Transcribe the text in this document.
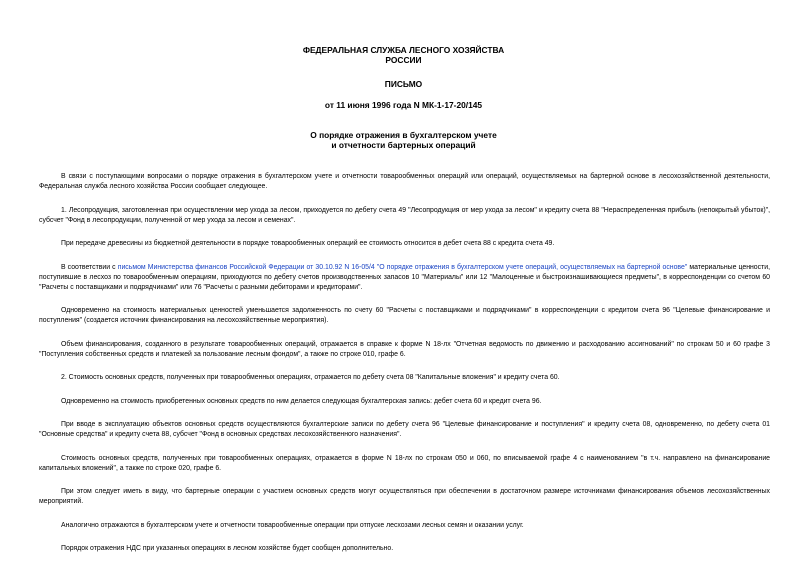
ФЕДЕРАЛЬНАЯ СЛУЖБА ЛЕСНОГО ХОЗЯЙСТВА
РОССИИ
ПИСЬМО
от 11 июня 1996 года N МК-1-17-20/145
О порядке отражения в бухгалтерском учете
и отчетности бартерных операций

В связи с поступающими вопросами о порядке отражения в бухгалтерском учете и отчетности товарообменных операций или операций, осуществляемых на бартерной основе в лесохозяйственной деятельности, Федеральная служба лесного хозяйства России сообщает следующее.

1. Лесопродукция, заготовленная при осуществлении мер ухода за лесом, приходуется по дебету счета 49 "Лесопродукция от мер ухода за лесом" и кредиту счета 88 "Нераспределенная прибыль (непокрытый убыток)", субсчет "Фонд в лесопродукции, полученной от мер ухода за лесом и семенах".

При передаче древесины из бюджетной деятельности в порядке товарообменных операций ее стоимость относится в дебет счета 88 с кредита счета 49.

В соответствии с письмом Министерства финансов Российской Федерации от 30.10.92 N 16-05/4 "О порядке отражения в бухгалтерском учете операций, осуществляемых на бартерной основе" материальные ценности, поступившие в лесхоз по товарообменным операциям, приходуются по дебету счетов производственных запасов 10 "Материалы" или 12 "Малоценные и быстроизнашивающиеся предметы", в корреспонденции со счетом 60 "Расчеты с поставщиками и подрядчиками" или 76 "Расчеты с разными дебиторами и кредиторами".

Одновременно на стоимость материальных ценностей уменьшается задолженность по счету 60 "Расчеты с поставщиками и подрядчиками" в корреспонденции с кредитом счета 96 "Целевые финансирование и поступления" (создается источник финансирования на лесохозяйственные мероприятия).

Объем финансирования, созданного в результате товарообменных операций, отражается в справке к форме N 18-лх "Отчетная ведомость по движению и расходованию ассигнований" по строкам 50 и 60 графе 3 "Поступления собственных средств и платежей за пользование лесным фондом", а также по строке 010, графе 6.

2. Стоимость основных средств, полученных при товарообменных операциях, отражается по дебету счета 08 "Капитальные вложения" и кредиту счета 60.

Одновременно на стоимость приобретенных основных средств по ним делается следующая бухгалтерская запись: дебет счета 60 и кредит счета 96.

При вводе в эксплуатацию объектов основных средств осуществляются бухгалтерские записи по дебету счета 96 "Целевые финансирование и поступления" и кредиту счета 08, одновременно, по дебету счета 01 "Основные средства" и кредиту счета 88, субсчет "Фонд в основных средствах лесохозяйственного назначения".

Стоимость основных средств, полученных при товарообменных операциях, отражается в форме N 18-лх по строкам 050 и 060, по вписываемой графе 4 с наименованием "в т.ч. направлено на финансирование капитальных вложений", а также по строке 020, графе 6.

При этом следует иметь в виду, что бартерные операции с участием основных средств могут осуществляться при обеспечении в достаточном размере источниками финансирования объемов лесохозяйственных мероприятий.

Аналогично отражаются в бухгалтерском учете и отчетности товарообменные операции при отпуске лесхозами лесных семян и оказании услуг.

Порядок отражения НДС при указанных операциях в лесном хозяйстве будет сообщен дополнительно.
